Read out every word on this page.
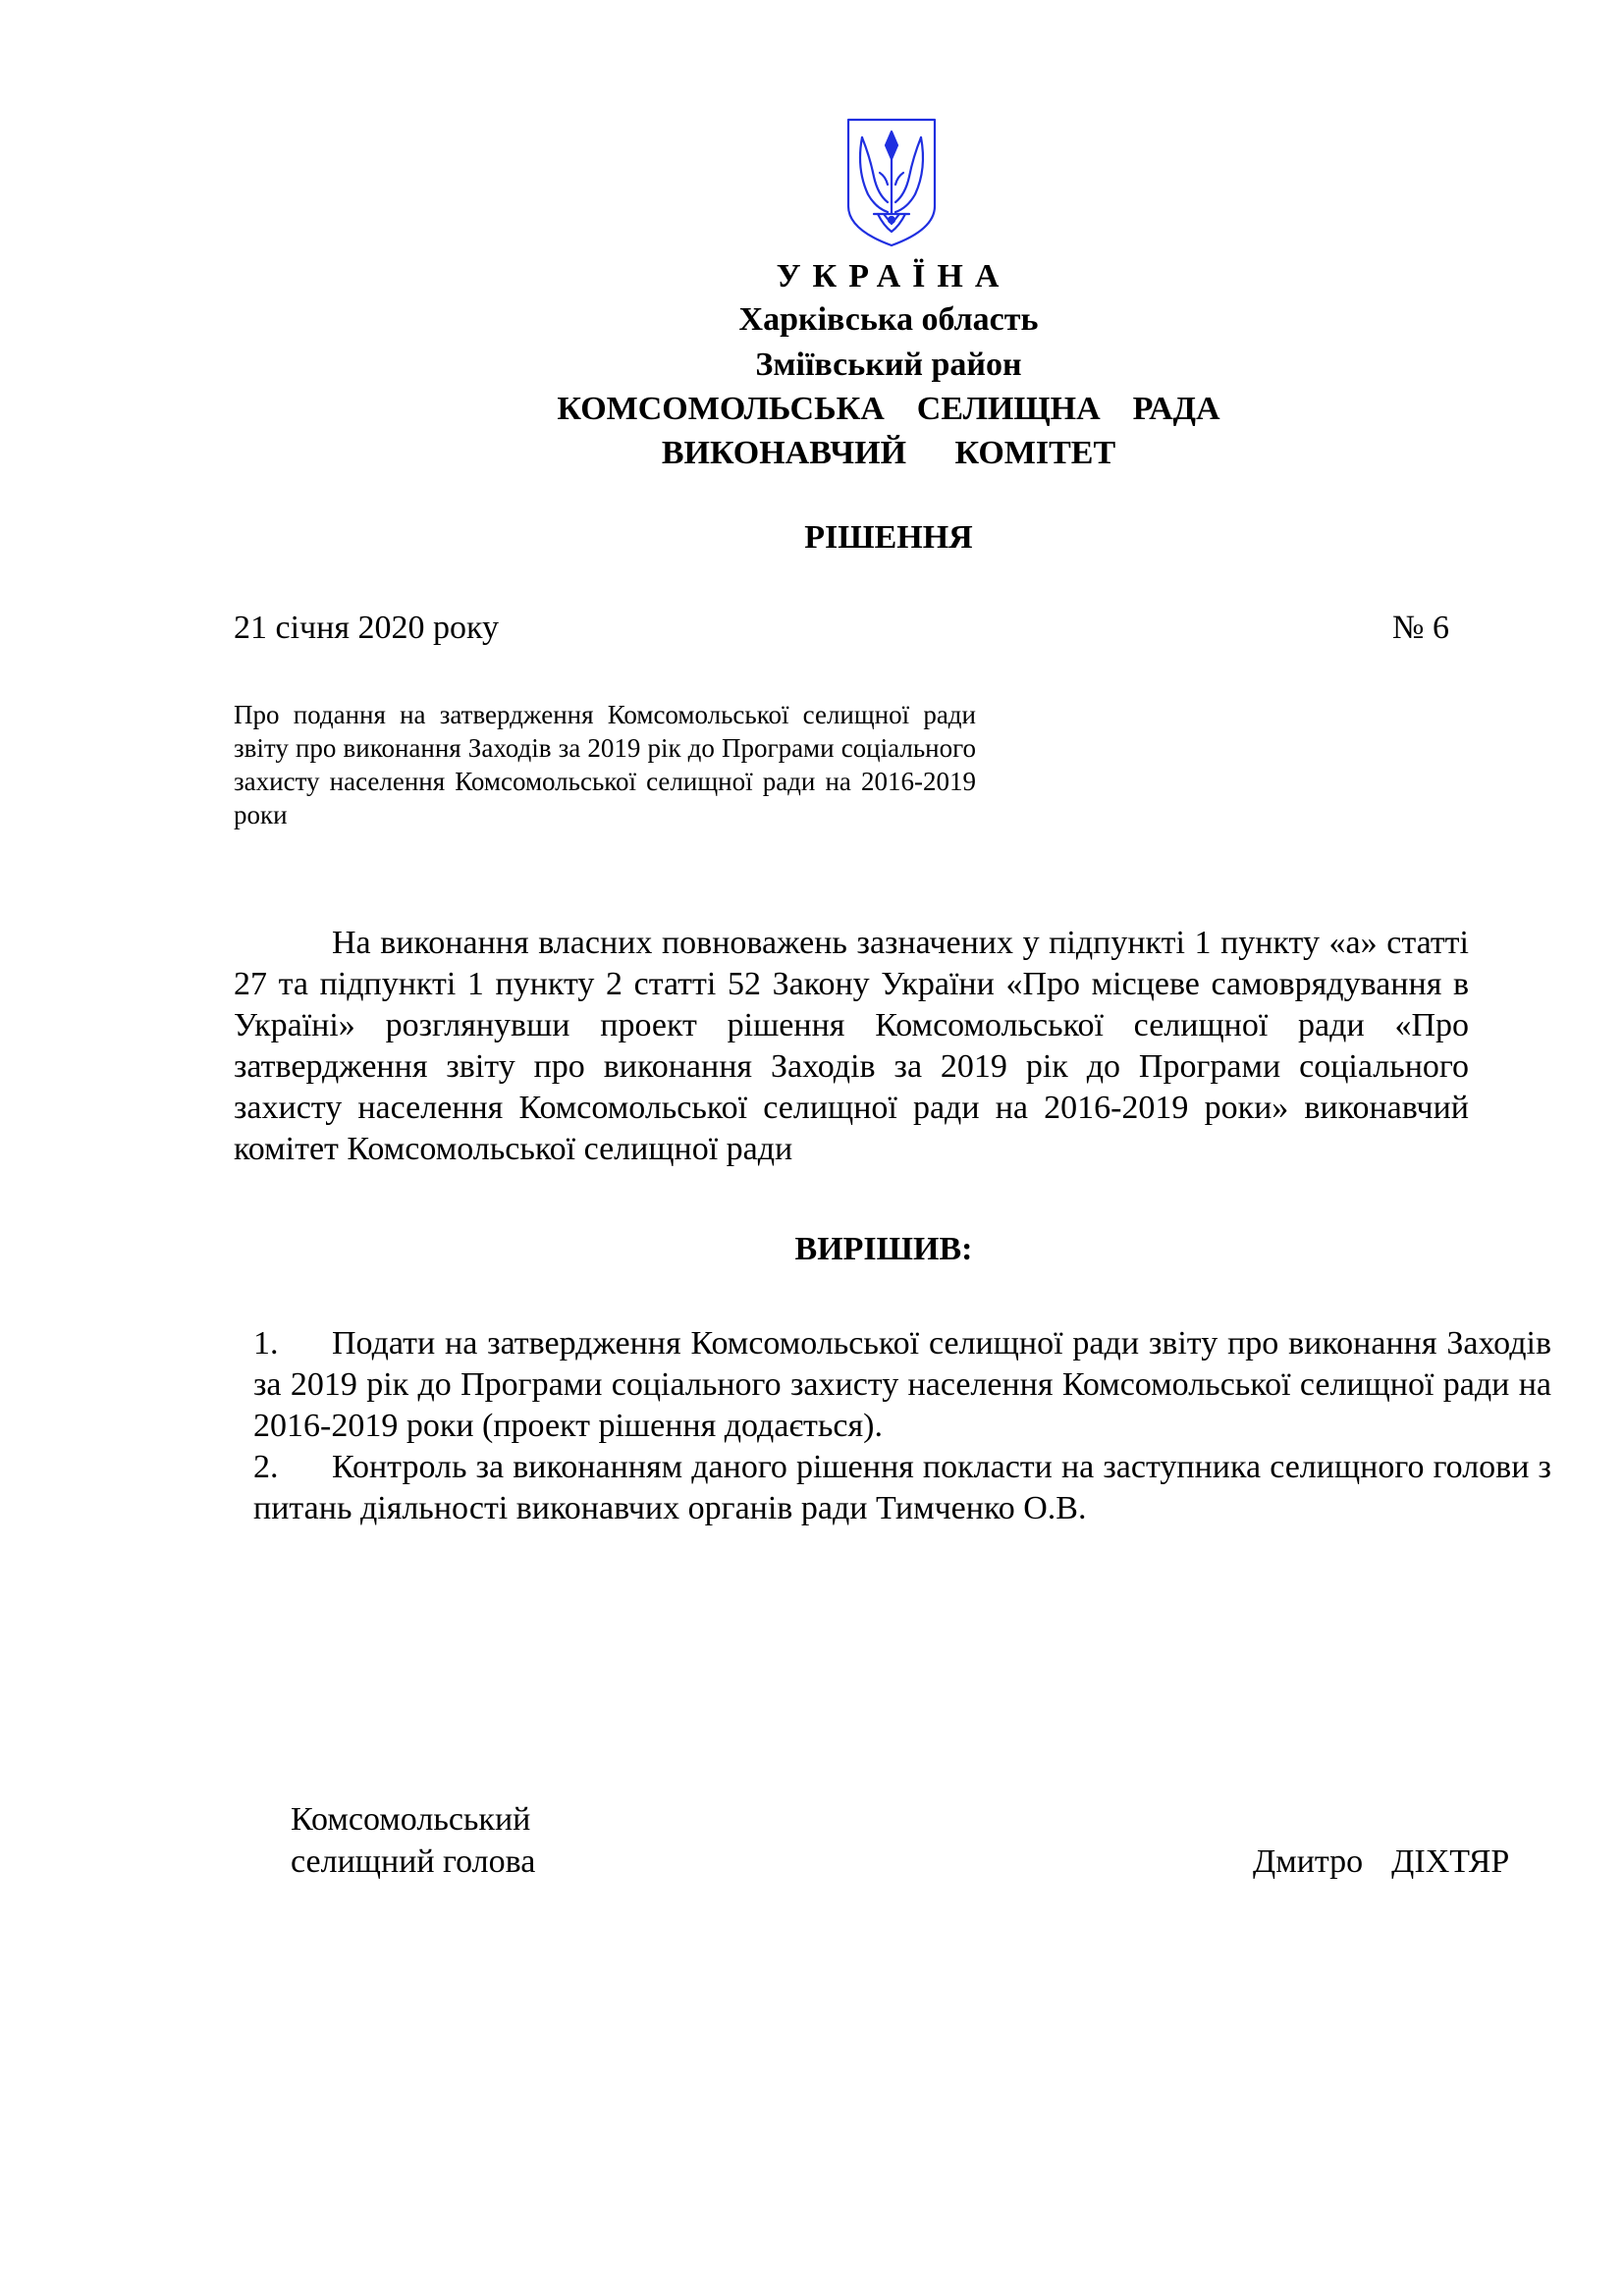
УКРАЇНА
Харківська область
Зміївський район
КОМСОМОЛЬСЬКА  СЕЛИЩНА  РАДА
ВИКОНАВЧИЙ   КОМІТЕТ
РІШЕННЯ
21 січня 2020 року	№ 6
Про подання на затвердження Комсомольської селищної ради звіту про виконання Заходів за 2019 рік до Програми соціального захисту населення Комсомольської селищної ради на 2016-2019 роки
На виконання власних повноважень зазначених у підпункті 1 пункту «а» статті 27 та підпункті 1 пункту 2 статті 52 Закону України «Про місцеве самоврядування в Україні» розглянувши проект рішення Комсомольської селищної ради «Про затвердження звіту про виконання Заходів за 2019 рік до Програми соціального захисту населення Комсомольської селищної ради на 2016-2019 роки» виконавчий комітет Комсомольської селищної ради
ВИРІШИВ:
1. Подати на затвердження Комсомольської селищної ради звіту про виконання Заходів за 2019 рік до Програми соціального захисту населення Комсомольської селищної ради на 2016-2019 роки (проект рішення додається).
2. Контроль за виконанням даного рішення покласти на заступника селищного голови з питань діяльності виконавчих органів ради Тимченко О.В.
Комсомольський
селищний голова	Дмитро  ДІХТЯР
